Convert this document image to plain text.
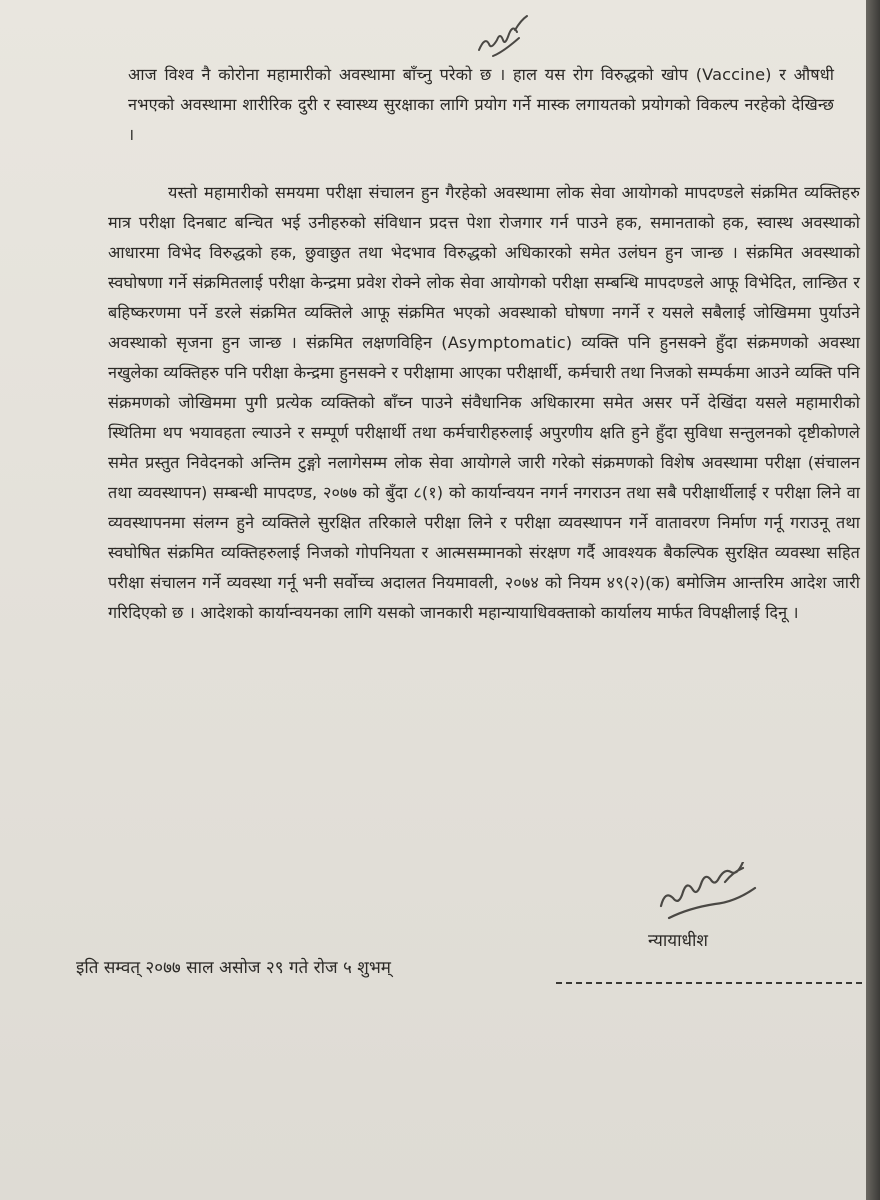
आज विश्व नै कोरोना महामारीको अवस्थामा बाँच्नु परेको छ । हाल यस रोग विरुद्धको खोप (Vaccine) र औषधी नभएको अवस्थामा शारीरिक दुरी र स्वास्थ्य सुरक्षाका लागि प्रयोग गर्ने मास्क लगायतको प्रयोगको विकल्प नरहेको देखिन्छ ।
यस्तो महामारीको समयमा परीक्षा संचालन हुन गैरहेको अवस्थामा लोक सेवा आयोगको मापदण्डले संक्रमित व्यक्तिहरु मात्र परीक्षा दिनबाट बन्चित भई उनीहरुको संविधान प्रदत्त पेशा रोजगार गर्न पाउने हक, समानताको हक, स्वास्थ अवस्थाको आधारमा विभेद विरुद्धको हक, छुवाछुत तथा भेदभाव विरुद्धको अधिकारको समेत उलंघन हुन जान्छ । संक्रमित अवस्थाको स्वघोषणा गर्ने संक्रमितलाई परीक्षा केन्द्रमा प्रवेश रोक्ने लोक सेवा आयोगको परीक्षा सम्बन्धि मापदण्डले आफू विभेदित, लान्छित र बहिष्करणमा पर्ने डरले संक्रमित व्यक्तिले आफू संक्रमित भएको अवस्थाको घोषणा नगर्ने र यसले सबैलाई जोखिममा पुर्याउने अवस्थाको सृजना हुन जान्छ । संक्रमित लक्षणविहिन (Asymptomatic) व्यक्ति पनि हुनसक्ने हुँदा संक्रमणको अवस्था नखुलेका व्यक्तिहरु पनि परीक्षा केन्द्रमा हुनसक्ने र परीक्षामा आएका परीक्षार्थी, कर्मचारी तथा निजको सम्पर्कमा आउने व्यक्ति पनि संक्रमणको जोखिममा पुगी प्रत्येक व्यक्तिको बाँच्न पाउने संवैधानिक अधिकारमा समेत असर पर्ने देखिंदा यसले महामारीको स्थितिमा थप भयावहता ल्याउने र सम्पूर्ण परीक्षार्थी तथा कर्मचारीहरुलाई अपुरणीय क्षति हुने हुँदा सुविधा सन्तुलनको दृष्टीकोणले समेत प्रस्तुत निवेदनको अन्तिम टुङ्गो नलागेसम्म लोक सेवा आयोगले जारी गरेको संक्रमणको विशेष अवस्थामा परीक्षा (संचालन तथा व्यवस्थापन) सम्बन्धी मापदण्ड, २०७७ को बुँदा ८(१) को कार्यान्वयन नगर्न नगराउन तथा सबै परीक्षार्थीलाई र परीक्षा लिने वा व्यवस्थापनमा संलग्न हुने व्यक्तिले सुरक्षित तरिकाले परीक्षा लिने र परीक्षा व्यवस्थापन गर्ने वातावरण निर्माण गर्नू गराउनू तथा स्वघोषित संक्रमित व्यक्तिहरुलाई निजको गोपनियता र आत्मसम्मानको संरक्षण गर्दै आवश्यक बैकल्पिक सुरक्षित व्यवस्था सहित परीक्षा संचालन गर्ने व्यवस्था गर्नू भनी सर्वोच्च अदालत नियमावली, २०७४ को नियम ४९(२)(क) बमोजिम आन्तरिम आदेश जारी गरिदिएको छ । आदेशको कार्यान्वयनका लागि यसको जानकारी महान्यायाधिवक्ताको कार्यालय मार्फत विपक्षीलाई दिनू ।
न्यायाधीश
इति सम्वत् २०७७ साल असोज २९ गते रोज ५ शुभम्
